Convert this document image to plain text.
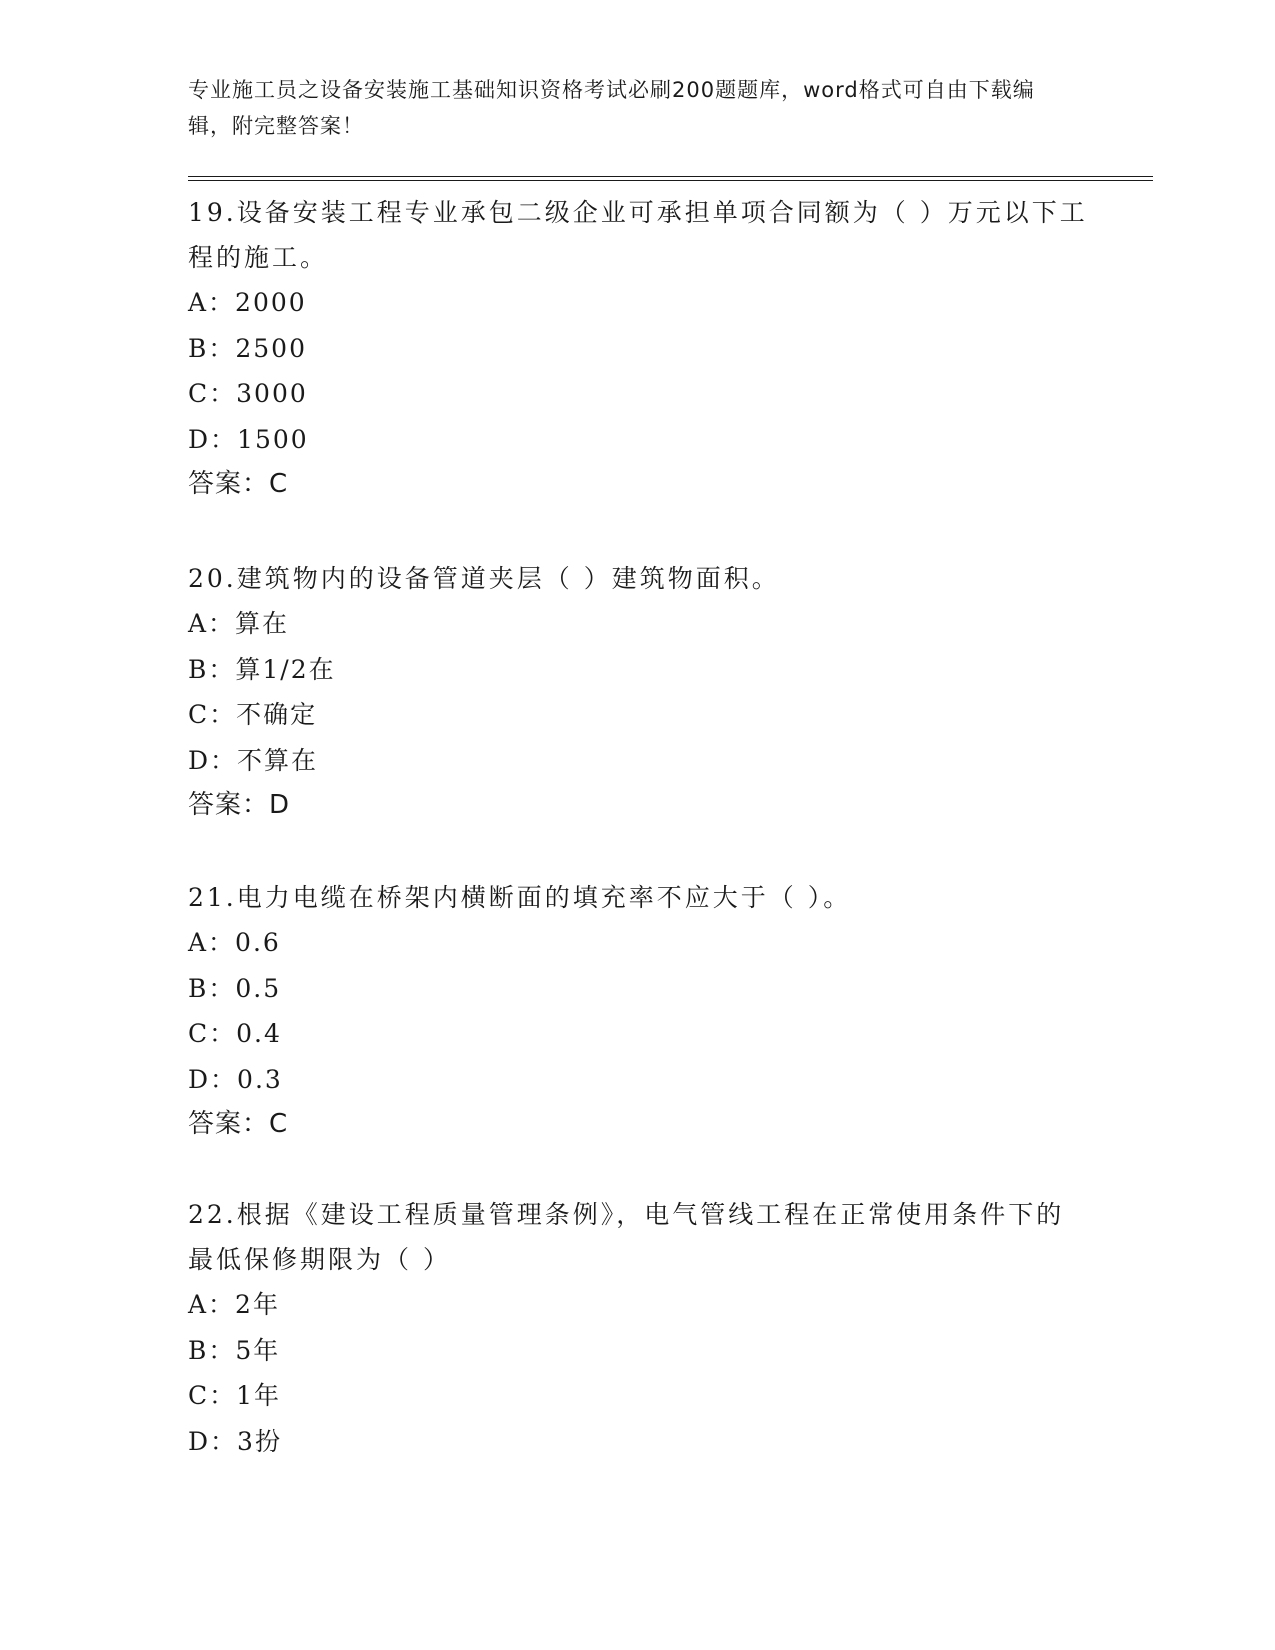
专业施工员之设备安装施工基础知识资格考试必刷200题题库，word格式可自由下载编辑，附完整答案！

19.设备安装工程专业承包二级企业可承担单项合同额为（ ）万元以下工程的施工。

A：2000
B：2500
C：3000
D：1500
答案：C

20.建筑物内的设备管道夹层（ ）建筑物面积。

A：算在
B：算1/2在
C：不确定
D：不算在
答案：D

21.电力电缆在桥架内横断面的填充率不应大于（ ）。

A：0.6
B：0.5
C：0.4
D：0.3
答案：C

22.根据《建设工程质量管理条例》，电气管线工程在正常使用条件下的最低保修期限为（ ）

A：2年
B：5年
C：1年
D：3扮
